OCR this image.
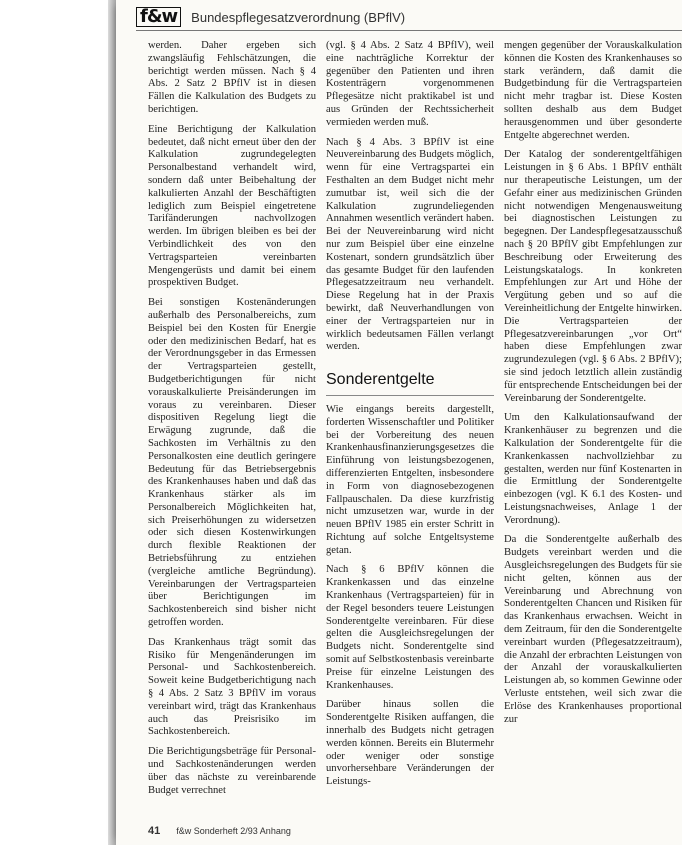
f&w	Bundespflegesatzverordnung (BPflV)

werden. Daher ergeben sich zwangsläufig Fehlschätzungen, die berichtigt werden müssen. Nach § 4 Abs. 2 Satz 2 BPflV ist in diesen Fällen die Kalkulation des Budgets zu berichtigen.

Eine Berichtigung der Kalkulation bedeutet, daß nicht erneut über den der Kalkulation zugrundegelegten Personalbestand verhandelt wird, sondern daß unter Beibehaltung der kalkulierten Anzahl der Beschäftigten lediglich zum Beispiel eingetretene Tarifänderungen nachvollzogen werden. Im übrigen bleiben es bei der Verbindlichkeit des von den Vertragsparteien vereinbarten Mengengerüsts und damit bei einem prospektiven Budget.

Bei sonstigen Kostenänderungen außerhalb des Personalbereichs, zum Beispiel bei den Kosten für Energie oder den medizinischen Bedarf, hat es der Verordnungsgeber in das Ermessen der Vertragsparteien gestellt, Budgetberichtigungen für nicht vorauskalkulierte Preisänderungen im voraus zu vereinbaren. Dieser dispositiven Regelung liegt die Erwägung zugrunde, daß die Sachkosten im Verhältnis zu den Personalkosten eine deutlich geringere Bedeutung für das Betriebsergebnis des Krankenhauses haben und daß das Krankenhaus stärker als im Personalbereich Möglichkeiten hat, sich Preiserhöhungen zu widersetzen oder sich diesen Kostenwirkungen durch flexible Reaktionen der Betriebsführung zu entziehen (vergleiche amtliche Begründung). Vereinbarungen der Vertragsparteien über Berichtigungen im Sachkostenbereich sind bisher nicht getroffen worden.

Das Krankenhaus trägt somit das Risiko für Mengenänderungen im Personal- und Sachkostenbereich. Soweit keine Budgetberichtigung nach § 4 Abs. 2 Satz 3 BPflV im voraus vereinbart wird, trägt das Krankenhaus auch das Preisrisiko im Sachkostenbereich.

Die Berichtigungsbeträge für Personal- und Sachkostenänderungen werden über das nächste zu vereinbarende Budget verrechnet

(vgl. § 4 Abs. 2 Satz 4 BPflV), weil eine nachträgliche Korrektur der gegenüber den Patienten und ihren Kostenträgern vorgenommenen Pflegesätze nicht praktikabel ist und aus Gründen der Rechtssicherheit vermieden werden muß.

Nach § 4 Abs. 3 BPflV ist eine Neuvereinbarung des Budgets möglich, wenn für eine Vertragspartei ein Festhalten an dem Budget nicht mehr zumutbar ist, weil sich die der Kalkulation zugrundeliegenden Annahmen wesentlich verändert haben. Bei der Neuvereinbarung wird nicht nur zum Beispiel über eine einzelne Kostenart, sondern grundsätzlich über das gesamte Budget für den laufenden Pflegesatzzeitraum neu verhandelt. Diese Regelung hat in der Praxis bewirkt, daß Neuverhandlungen von einer der Vertragsparteien nur in wirklich bedeutsamen Fällen verlangt werden.

Sonderentgelte

Wie eingangs bereits dargestellt, forderten Wissenschaftler und Politiker bei der Vorbereitung des neuen Krankenhausfinanzierungsgesetzes die Einführung von leistungsbezogenen, differenzierten Entgelten, insbesondere in Form von diagnosebezogenen Fallpauschalen. Da diese kurzfristig nicht umzusetzen war, wurde in der neuen BPflV 1985 ein erster Schritt in Richtung auf solche Entgeltsysteme getan.

Nach § 6 BPflV können die Krankenkassen und das einzelne Krankenhaus (Vertragsparteien) für in der Regel besonders teuere Leistungen Sonderentgelte vereinbaren. Für diese gelten die Ausgleichsregelungen der Budgets nicht. Sonderentgelte sind somit auf Selbstkostenbasis vereinbarte Preise für einzelne Leistungen des Krankenhauses.

Darüber hinaus sollen die Sonderentgelte Risiken auffangen, die innerhalb des Budgets nicht getragen werden können. Bereits ein Blutermehr oder weniger oder sonstige unvorhersehbare Veränderungen der Leistungs-

mengen gegenüber der Vorauskalkulation können die Kosten des Krankenhauses so stark verändern, daß damit die Budgetbindung für die Vertragsparteien nicht mehr tragbar ist. Diese Kosten sollten deshalb aus dem Budget herausgenommen und über gesonderte Entgelte abgerechnet werden.

Der Katalog der sonderentgeltfähigen Leistungen in § 6 Abs. 1 BPflV enthält nur therapeutische Leistungen, um der Gefahr einer aus medizinischen Gründen nicht notwendigen Mengenausweitung bei diagnostischen Leistungen zu begegnen. Der Landespflegesatzausschuß nach § 20 BPflV gibt Empfehlungen zur Beschreibung oder Erweiterung des Leistungskatalogs. In konkreten Empfehlungen zur Art und Höhe der Vergütung geben und so auf die Vereinheitlichung der Entgelte hinwirken. Die Vertragsparteien der Pflegesatzvereinbarungen „vor Ort“ haben diese Empfehlungen zwar zugrundezulegen (vgl. § 6 Abs. 2 BPflV); sie sind jedoch letztlich allein zuständig für entsprechende Entscheidungen bei der Vereinbarung der Sonderentgelte.

Um den Kalkulationsaufwand der Krankenhäuser zu begrenzen und die Kalkulation der Sonderentgelte für die Krankenkassen nachvollziehbar zu gestalten, werden nur fünf Kostenarten in die Ermittlung der Sonderentgelte einbezogen (vgl. K 6.1 des Kosten- und Leistungsnachweises, Anlage 1 der Verordnung).

Da die Sonderentgelte außerhalb des Budgets vereinbart werden und die Ausgleichsregelungen des Budgets für sie nicht gelten, können aus der Vereinbarung und Abrechnung von Sonderentgelten Chancen und Risiken für das Krankenhaus erwachsen. Weicht in dem Zeitraum, für den die Sonderentgelte vereinbart wurden (Pflegesatzzeitraum), die Anzahl der erbrachten Leistungen von der Anzahl der vorauskalkulierten Leistungen ab, so kommen Gewinne oder Verluste entstehen, weil sich zwar die Erlöse des Krankenhauses proportional zur

41 f&w Sonderheft 2/93 Anhang
